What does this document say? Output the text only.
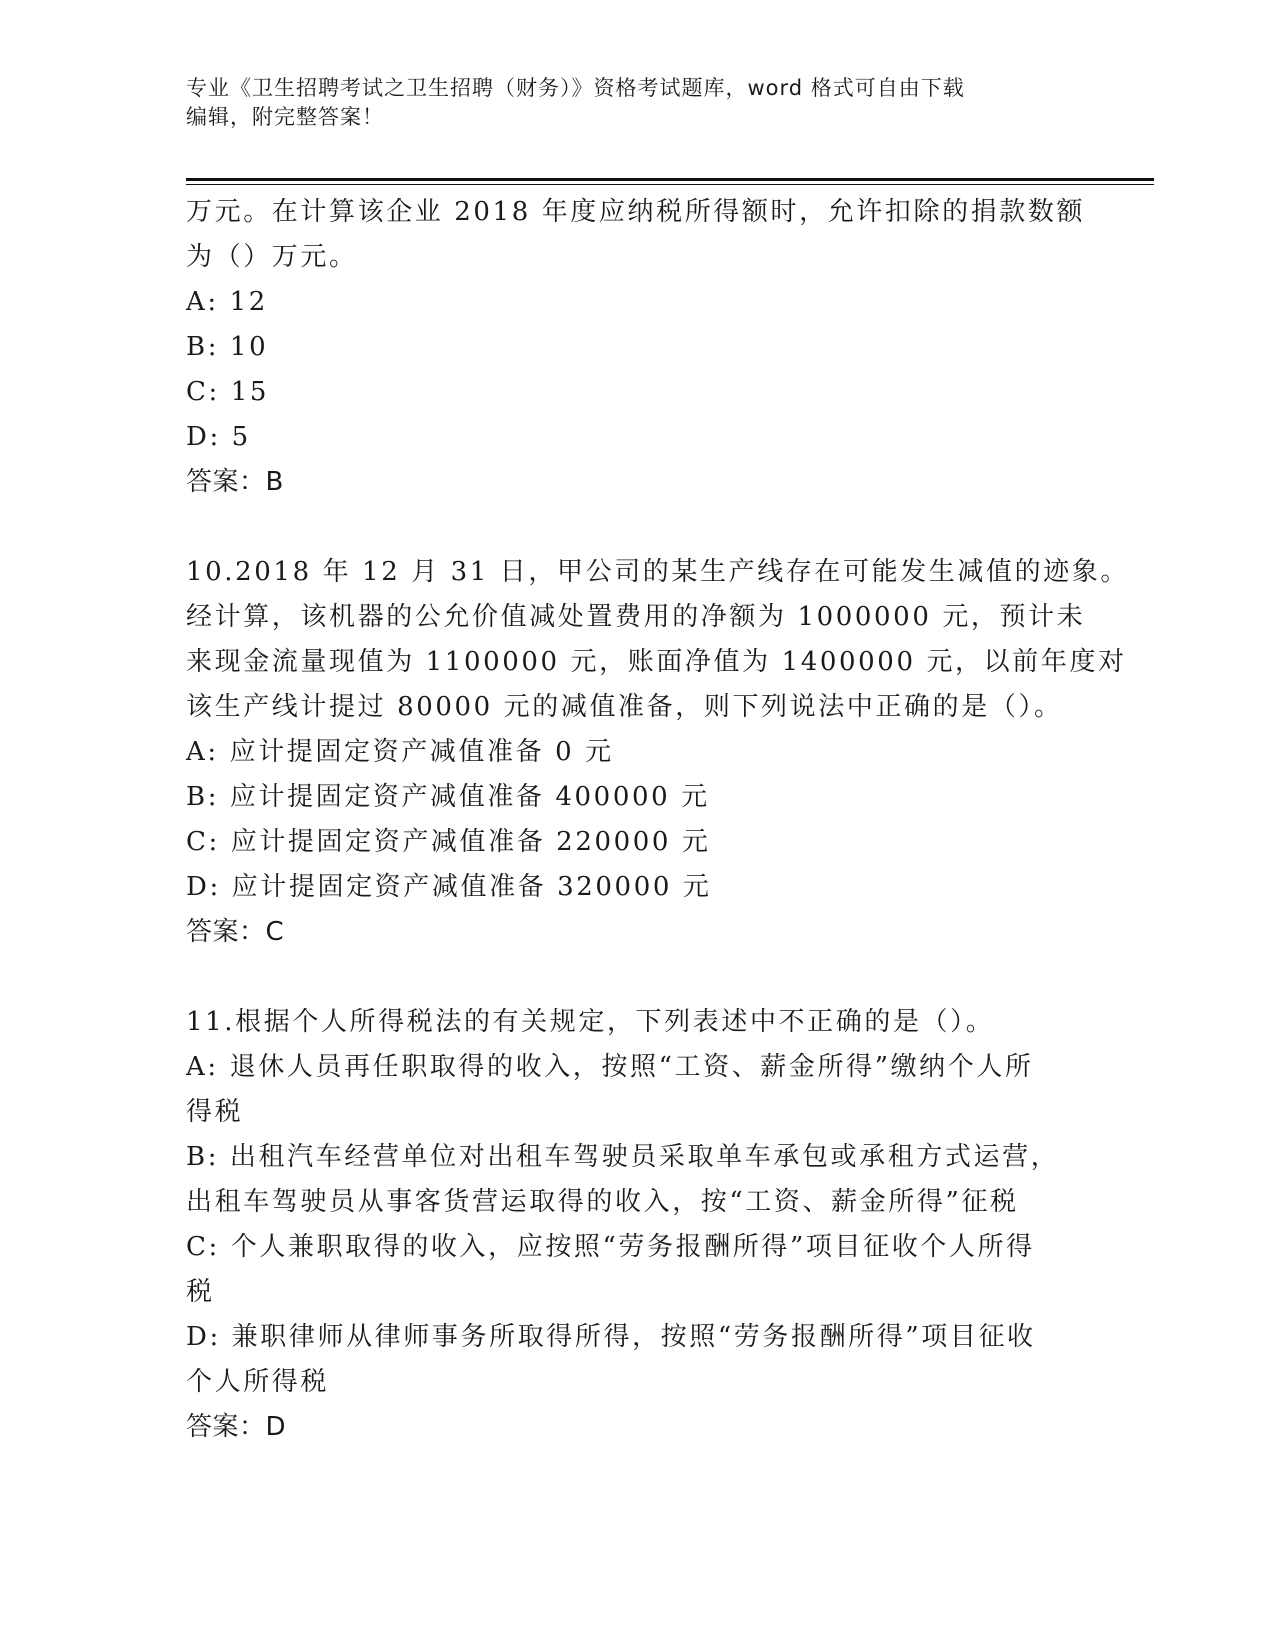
专业《卫生招聘考试之卫生招聘（财务）》资格考试题库，word 格式可自由下载
编辑，附完整答案！
万元。在计算该企业 2018 年度应纳税所得额时，允许扣除的捐款数额
为（）万元。
A: 12
B: 10
C: 15
D: 5
答案：B
10.2018 年 12 月 31 日，甲公司的某生产线存在可能发生减值的迹象。
经计算，该机器的公允价值减处置费用的净额为 1000000 元，预计未
来现金流量现值为 1100000 元，账面净值为 1400000 元，以前年度对
该生产线计提过 80000 元的减值准备，则下列说法中正确的是（）。
A: 应计提固定资产减值准备 0 元
B: 应计提固定资产减值准备 400000 元
C: 应计提固定资产减值准备 220000 元
D: 应计提固定资产减值准备 320000 元
答案：C
11.根据个人所得税法的有关规定，下列表述中不正确的是（）。
A: 退休人员再任职取得的收入，按照“工资、薪金所得”缴纳个人所
得税
B: 出租汽车经营单位对出租车驾驶员采取单车承包或承租方式运营，
出租车驾驶员从事客货营运取得的收入，按“工资、薪金所得”征税
C: 个人兼职取得的收入，应按照“劳务报酬所得”项目征收个人所得
税
D: 兼职律师从律师事务所取得所得，按照“劳务报酬所得”项目征收
个人所得税
答案：D
